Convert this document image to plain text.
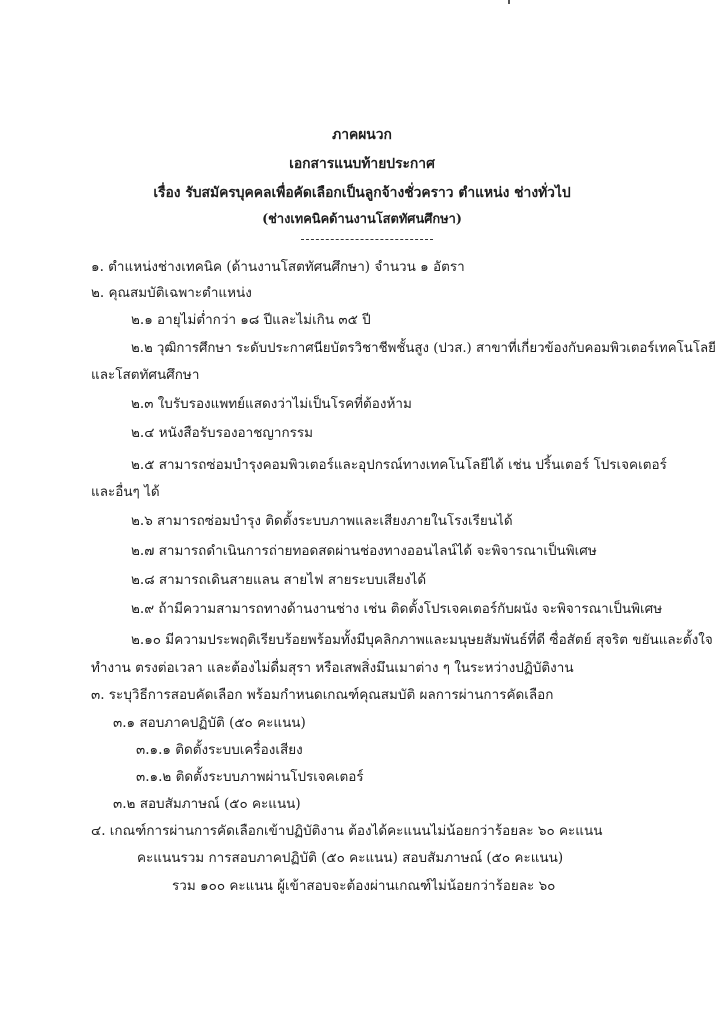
ภาคผนวก
เอกสารแนบท้ายประกาศ
เรื่อง รับสมัครบุคคลเพื่อคัดเลือกเป็นลูกจ้างชั่วคราว ตำแหน่ง ช่างทั่วไป
(ช่างเทคนิคด้านงานโสตทัศนศึกษา)
๑. ตำแหน่งช่างเทคนิค (ด้านงานโสตทัศนศึกษา) จำนวน ๑ อัตรา
๒. คุณสมบัติเฉพาะตำแหน่ง
๒.๑ อายุไม่ต่ำกว่า ๑๘ ปีและไม่เกิน ๓๕ ปี
๒.๒ วุฒิการศึกษา ระดับประกาศนียบัตรวิชาชีพชั้นสูง (ปวส.) สาขาที่เกี่ยวข้องกับคอมพิวเตอร์เทคโนโลยี
และโสตทัศนศึกษา
๒.๓ ใบรับรองแพทย์แสดงว่าไม่เป็นโรคที่ต้องห้าม
๒.๔ หนังสือรับรองอาชญากรรม
๒.๕ สามารถซ่อมบำรุงคอมพิวเตอร์และอุปกรณ์ทางเทคโนโลยีได้ เช่น ปริ้นเตอร์ โปรเจคเตอร์
และอื่นๆ ได้
๒.๖ สามารถซ่อมบำรุง ติดตั้งระบบภาพและเสียงภายในโรงเรียนได้
๒.๗ สามารถดำเนินการถ่ายทอดสดผ่านช่องทางออนไลน์ได้ จะพิจารณาเป็นพิเศษ
๒.๘ สามารถเดินสายแลน สายไฟ สายระบบเสียงได้
๒.๙ ถ้ามีความสามารถทางด้านงานช่าง เช่น ติดตั้งโปรเจคเตอร์กับผนัง จะพิจารณาเป็นพิเศษ
๒.๑๐ มีความประพฤติเรียบร้อยพร้อมทั้งมีบุคลิกภาพและมนุษยสัมพันธ์ที่ดี ซื่อสัตย์ สุจริต ขยันและตั้งใจ
ทำงาน ตรงต่อเวลา และต้องไม่ดื่มสุรา หรือเสพสิ่งมึนเมาต่าง ๆ ในระหว่างปฏิบัติงาน
๓. ระบุวิธีการสอบคัดเลือก พร้อมกำหนดเกณฑ์คุณสมบัติ ผลการผ่านการคัดเลือก
๓.๑ สอบภาคปฏิบัติ (๕๐ คะแนน)
๓.๑.๑ ติดตั้งระบบเครื่องเสียง
๓.๑.๒ ติดตั้งระบบภาพผ่านโปรเจคเตอร์
๓.๒ สอบสัมภาษณ์ (๕๐ คะแนน)
๔. เกณฑ์การผ่านการคัดเลือกเข้าปฏิบัติงาน ต้องได้คะแนนไม่น้อยกว่าร้อยละ ๖๐ คะแนน
คะแนนรวม การสอบภาคปฏิบัติ (๕๐ คะแนน) สอบสัมภาษณ์ (๕๐ คะแนน)
รวม ๑๐๐ คะแนน ผู้เข้าสอบจะต้องผ่านเกณฑ์ไม่น้อยกว่าร้อยละ ๖๐
